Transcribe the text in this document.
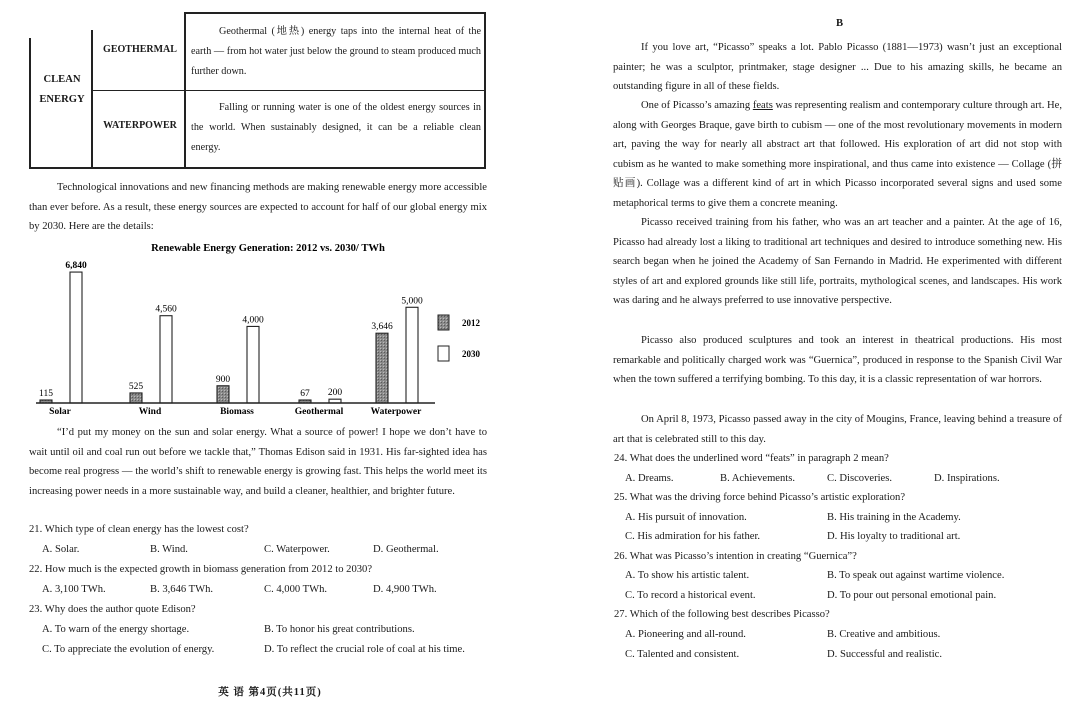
CLEAN
ENERGY
GEOTHERMAL
Geothermal (地热) energy taps into the internal heat of the earth — from hot water just below the ground to steam produced much further down.
WATERPOWER
Falling or running water is one of the oldest energy sources in the world. When sustainably designed, it can be a reliable clean energy.
Technological innovations and new financing methods are making renewable energy more accessible than ever before. As a result, these energy sources are expected to account for half of our global energy mix by 2030. Here are the details:
Renewable Energy Generation: 2012 vs. 2030/ TWh
115
6,840
Solar
525
4,560
Wind
900
4,000
Biomass
67 200
Geothermal
3,646
5,000
Waterpower
2012
2030
“I’d put my money on the sun and solar energy. What a source of power! I hope we don’t have to wait until oil and coal run out before we tackle that,” Thomas Edison said in 1931. His far-sighted idea has become real progress — the world’s shift to renewable energy is growing fast. This helps the world meet its increasing power needs in a more sustainable way, and build a cleaner, healthier, and brighter future.
21. Which type of clean energy has the lowest cost?
A. Solar.	B. Wind.	C. Waterpower.	D. Geothermal.
22. How much is the expected growth in biomass generation from 2012 to 2030?
A. 3,100 TWh.	B. 3,646 TWh.	C. 4,000 TWh.	D. 4,900 TWh.
23. Why does the author quote Edison?
A. To warn of the energy shortage.	B. To honor his great contributions.
C. To appreciate the evolution of energy.	D. To reflect the crucial role of coal at his time.
英 语 第4页(共11页)
B
If you love art, “Picasso” speaks a lot. Pablo Picasso (1881—1973) wasn’t just an exceptional painter; he was a sculptor, printmaker, stage designer ... Due to his amazing skills, he became an outstanding figure in all of these fields.
One of Picasso’s amazing feats was representing realism and contemporary culture through art. He, along with Georges Braque, gave birth to cubism — one of the most revolutionary movements in modern art, paving the way for nearly all abstract art that followed. His exploration of art did not stop with cubism as he wanted to make something more inspirational, and thus came into existence — Collage (拼贴画). Collage was a different kind of art in which Picasso incorporated several signs and used some metaphorical terms to give them a concrete meaning.
Picasso received training from his father, who was an art teacher and a painter. At the age of 16, Picasso had already lost a liking to traditional art techniques and desired to introduce something new. His search began when he joined the Academy of San Fernando in Madrid. He experimented with different styles of art and explored grounds like still life, portraits, mythological scenes, and landscapes. His work was daring and he always preferred to use innovative perspective.
Picasso also produced sculptures and took an interest in theatrical productions. His most remarkable and politically charged work was “Guernica”, produced in response to the Spanish Civil War when the town suffered a terrifying bombing. To this day, it is a classic representation of war horrors.
On April 8, 1973, Picasso passed away in the city of Mougins, France, leaving behind a treasure of art that is celebrated still to this day.
24. What does the underlined word “feats” in paragraph 2 mean?
A. Dreams.	B. Achievements.	C. Discoveries.	D. Inspirations.
25. What was the driving force behind Picasso’s artistic exploration?
A. His pursuit of innovation.	B. His training in the Academy.
C. His admiration for his father.	D. His loyalty to traditional art.
26. What was Picasso’s intention in creating “Guernica”?
A. To show his artistic talent.	B. To speak out against wartime violence.
C. To record a historical event.	D. To pour out personal emotional pain.
27. Which of the following best describes Picasso?
A. Pioneering and all-round.	B. Creative and ambitious.
C. Talented and consistent.	D. Successful and realistic.
